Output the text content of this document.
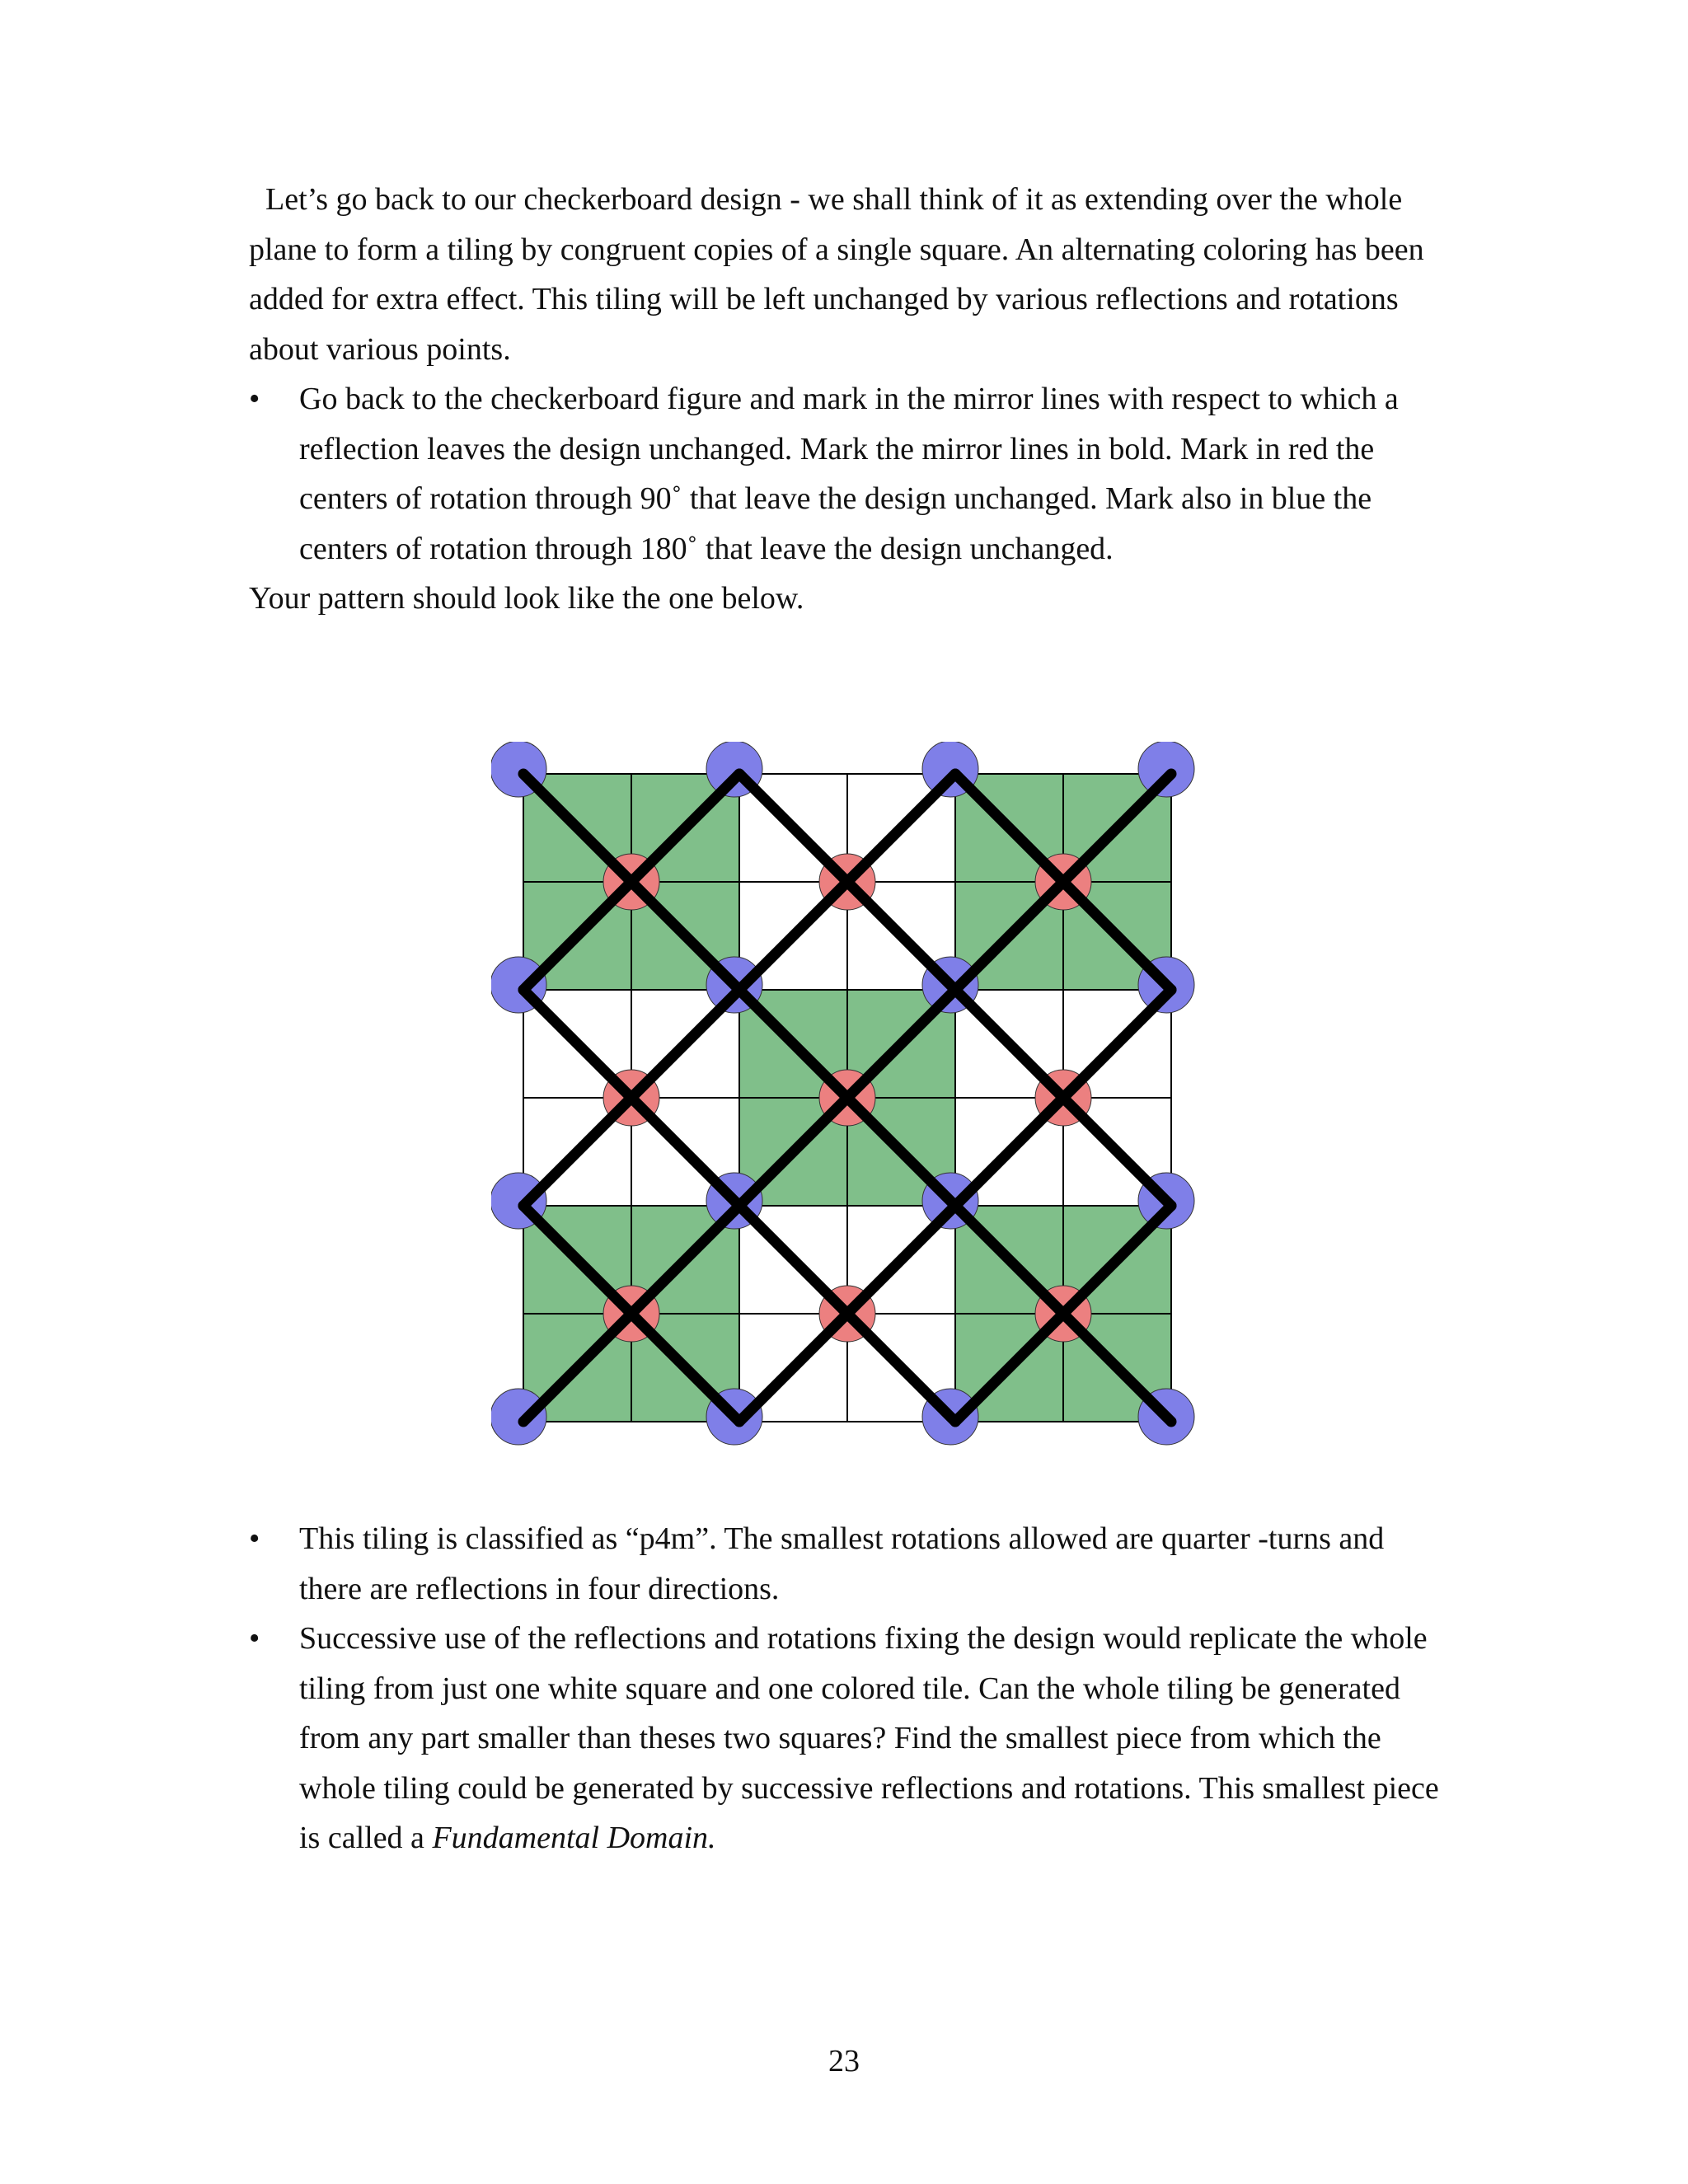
Let’s go back to our checkerboard design - we shall think of it as extending over the whole plane to form a tiling by congruent copies of a single square. An alternating coloring has been added for extra effect. This tiling will be left unchanged by various reflections and rotations about various points.
• Go back to the checkerboard figure and mark in the mirror lines with respect to which a reflection leaves the design unchanged. Mark the mirror lines in bold. Mark in red the centers of rotation through 90˚ that leave the design unchanged. Mark also in blue the centers of rotation through 180˚ that leave the design unchanged.
Your pattern should look like the one below.
• This tiling is classified as “p4m”. The smallest rotations allowed are quarter -turns and there are reflections in four directions.
• Successive use of the reflections and rotations fixing the design would replicate the whole tiling from just one white square and one colored tile. Can the whole tiling be generated from any part smaller than theses two squares? Find the smallest piece from which the whole tiling could be generated by successive reflections and rotations. This smallest piece is called a Fundamental Domain.
23
